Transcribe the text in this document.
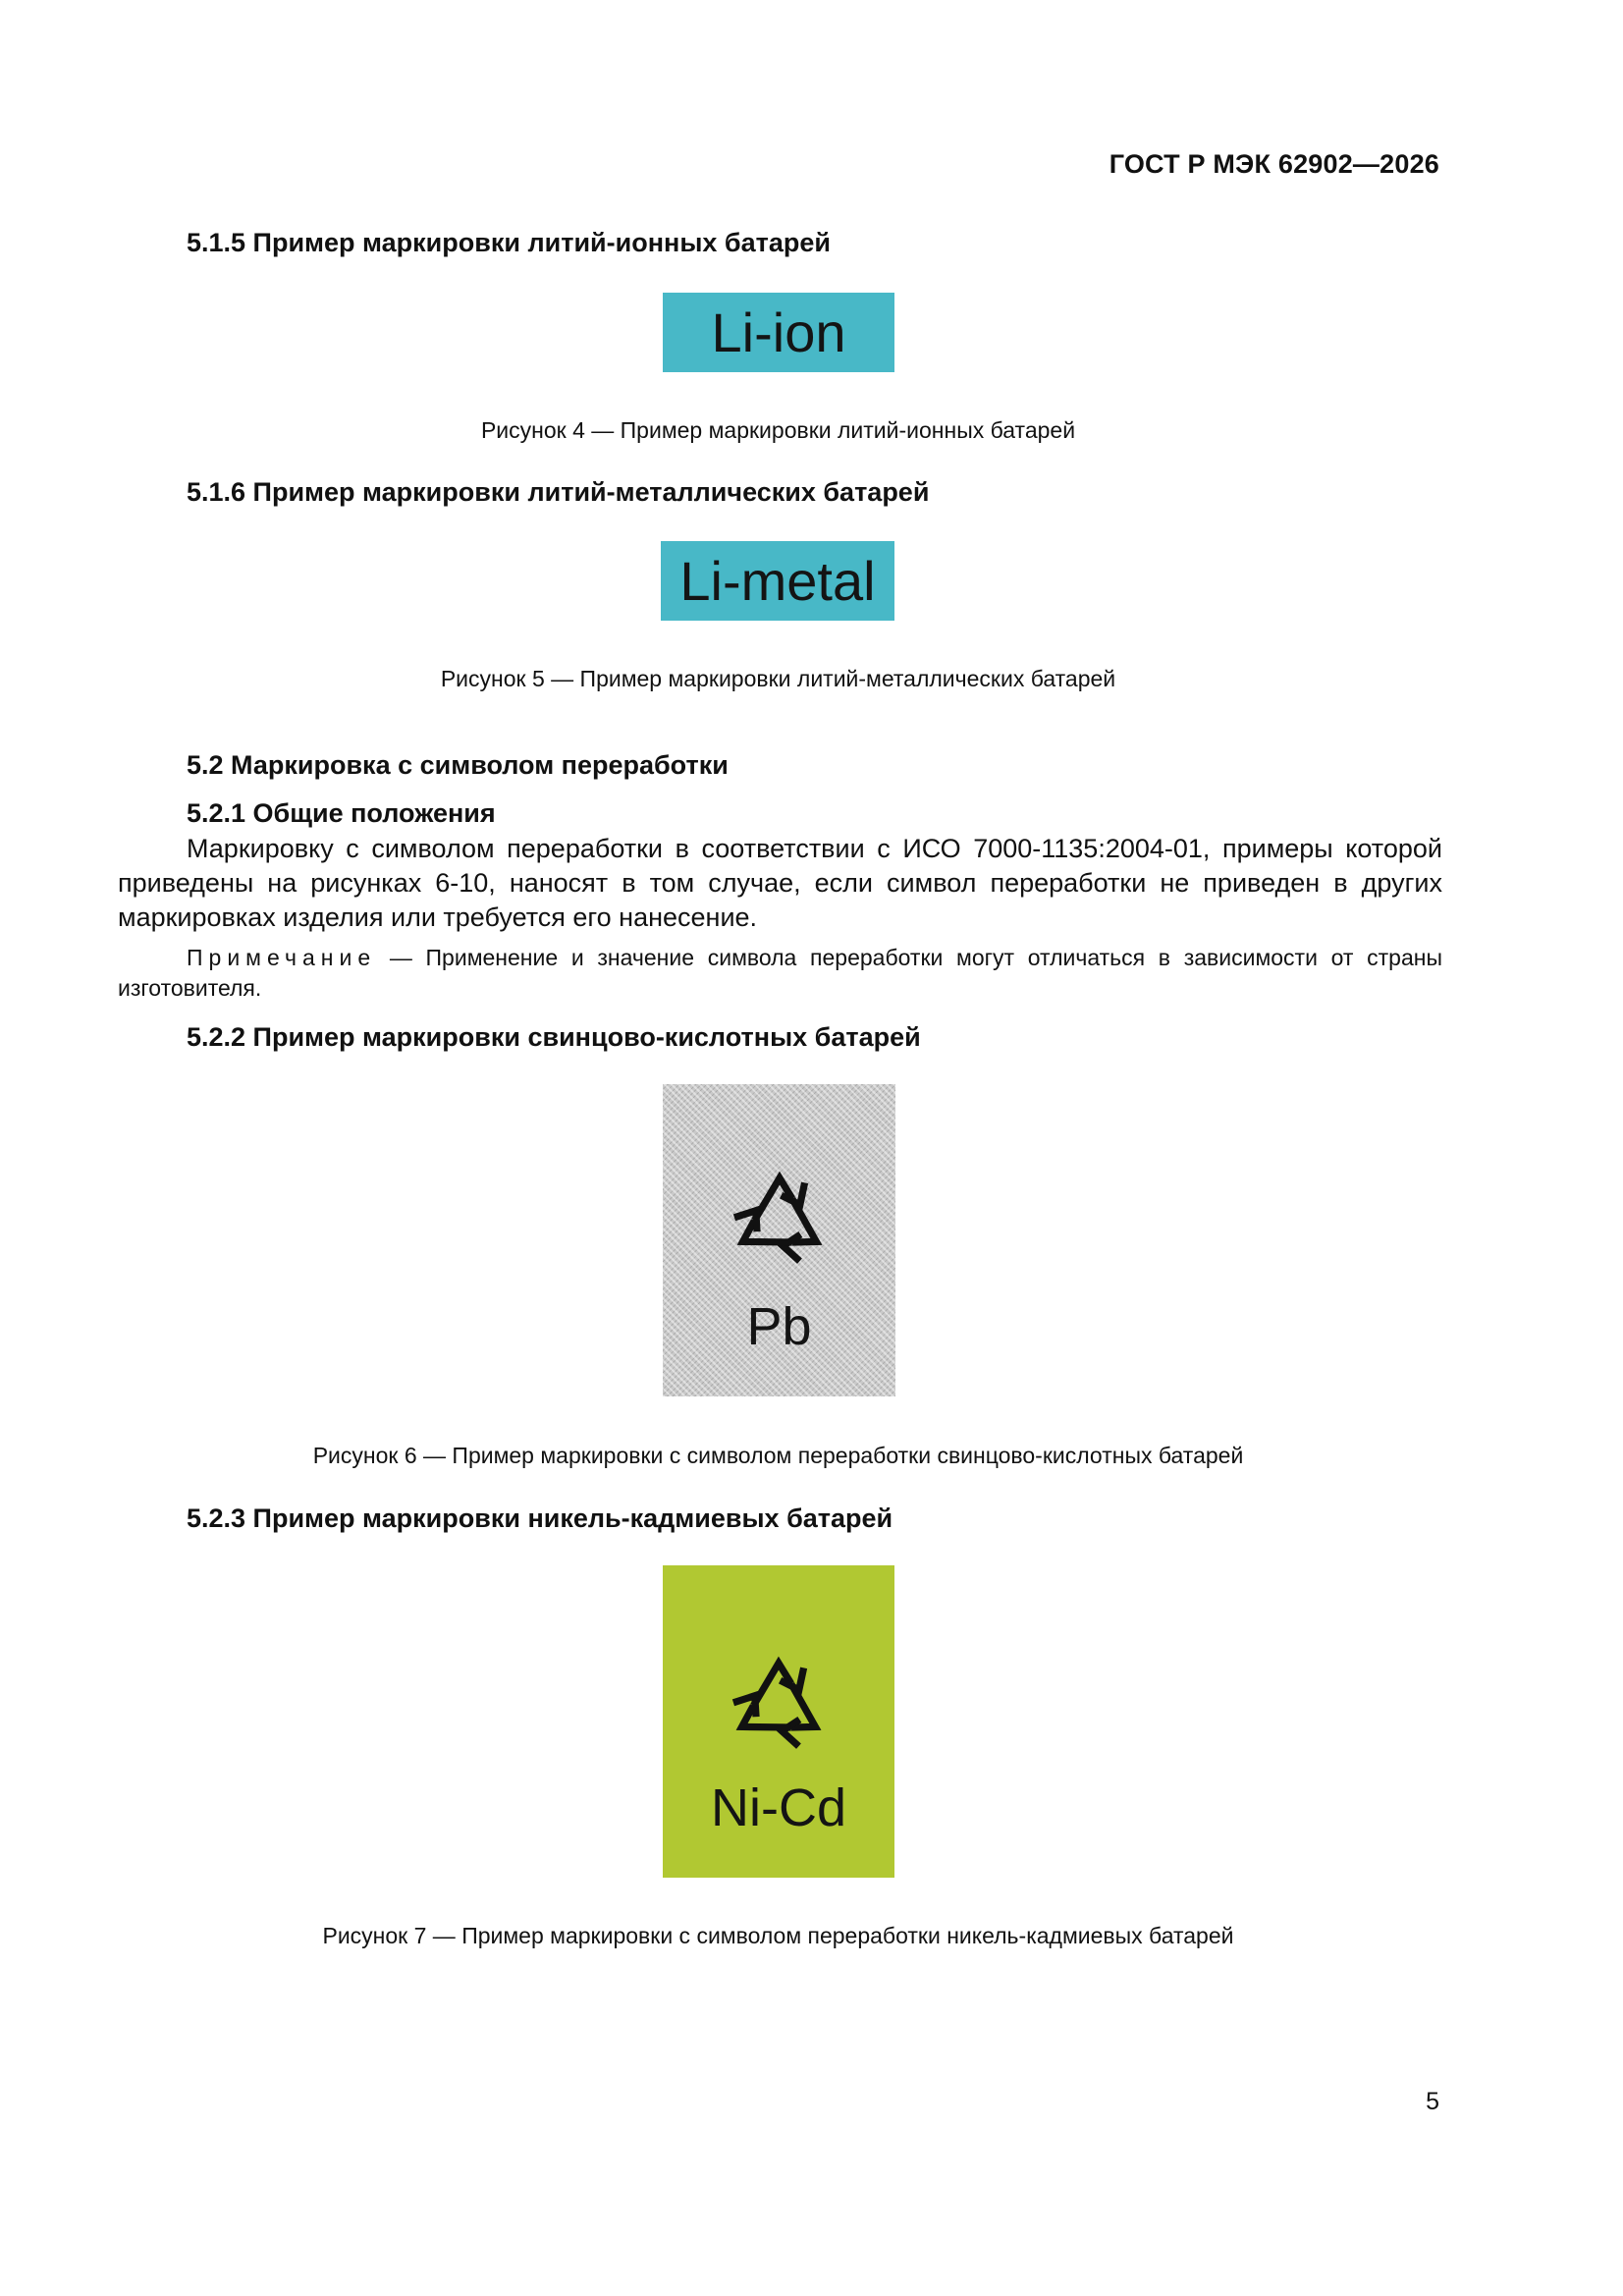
ГОСТ Р МЭК 62902—2026
5.1.5 Пример маркировки литий-ионных батарей
Li-ion
Рисунок 4 — Пример маркировки литий-ионных батарей
5.1.6 Пример маркировки литий-металлических батарей
Li-metal
Рисунок 5 — Пример маркировки литий-металлических батарей
5.2 Маркировка с символом переработки
5.2.1 Общие положения
Маркировку с символом переработки в соответствии с ИСО 7000-1135:2004-01, примеры которой приведены на рисунках 6-10, наносят в том случае, если символ переработки не приведен в других маркировках изделия или требуется его нанесение.
Примечание — Применение и значение символа переработки могут отличаться в зависимости от страны изготовителя.
5.2.2 Пример маркировки свинцово-кислотных батарей
Pb
Рисунок 6 — Пример маркировки с символом переработки свинцово-кислотных батарей
5.2.3 Пример маркировки никель-кадмиевых батарей
Ni-Cd
Рисунок 7 — Пример маркировки с символом переработки никель-кадмиевых батарей
5
